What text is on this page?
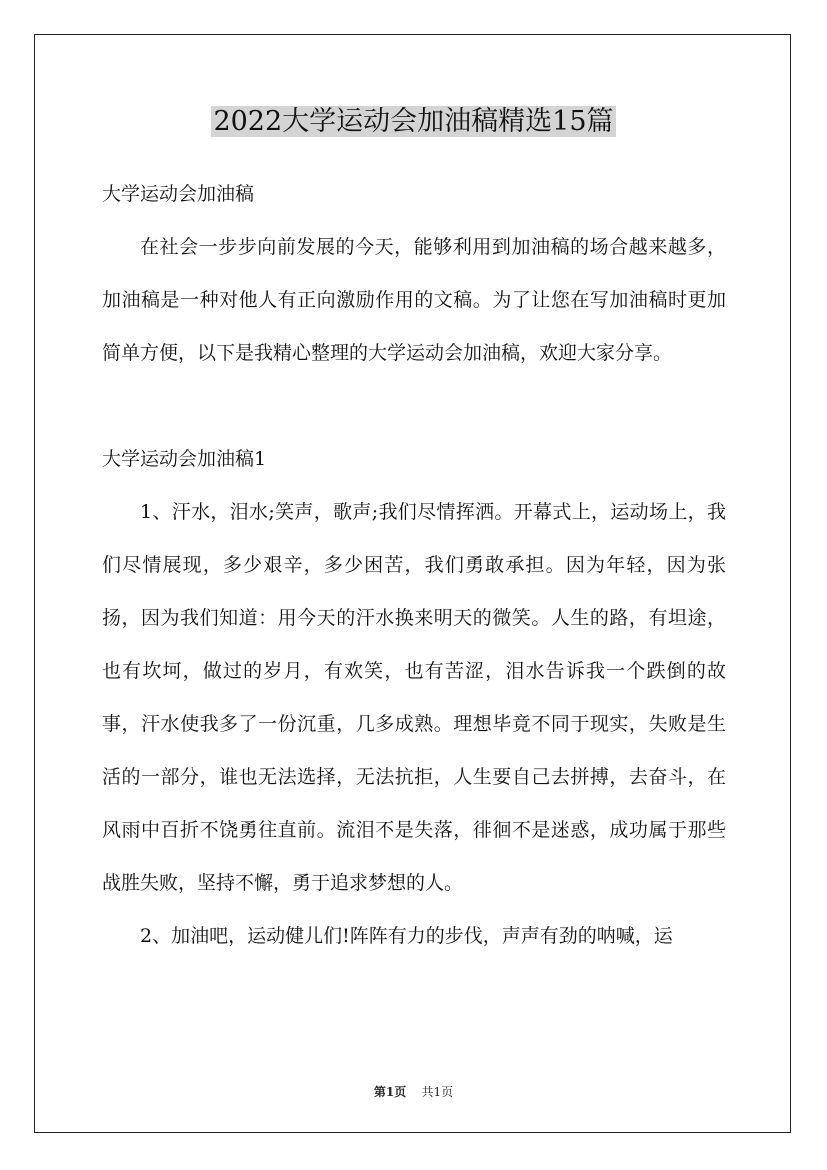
2022大学运动会加油稿精选15篇

大学运动会加油稿

在社会一步步向前发展的今天，能够利用到加油稿的场合越来越多，加油稿是一种对他人有正向激励作用的文稿。为了让您在写加油稿时更加简单方便，以下是我精心整理的大学运动会加油稿，欢迎大家分享。

大学运动会加油稿1

1、汗水，泪水;笑声，歌声;我们尽情挥洒。开幕式上，运动场上，我们尽情展现，多少艰辛，多少困苦，我们勇敢承担。因为年轻，因为张扬，因为我们知道：用今天的汗水换来明天的微笑。人生的路，有坦途，也有坎坷，做过的岁月，有欢笑，也有苦涩，泪水告诉我一个跌倒的故事，汗水使我多了一份沉重，几多成熟。理想毕竟不同于现实，失败是生活的一部分，谁也无法选择，无法抗拒，人生要自己去拼搏，去奋斗，在风雨中百折不饶勇往直前。流泪不是失落，徘徊不是迷惑，成功属于那些战胜失败，坚持不懈，勇于追求梦想的人。

2、加油吧，运动健儿们!阵阵有力的步伐，声声有劲的呐喊，运

第1页 共1页
